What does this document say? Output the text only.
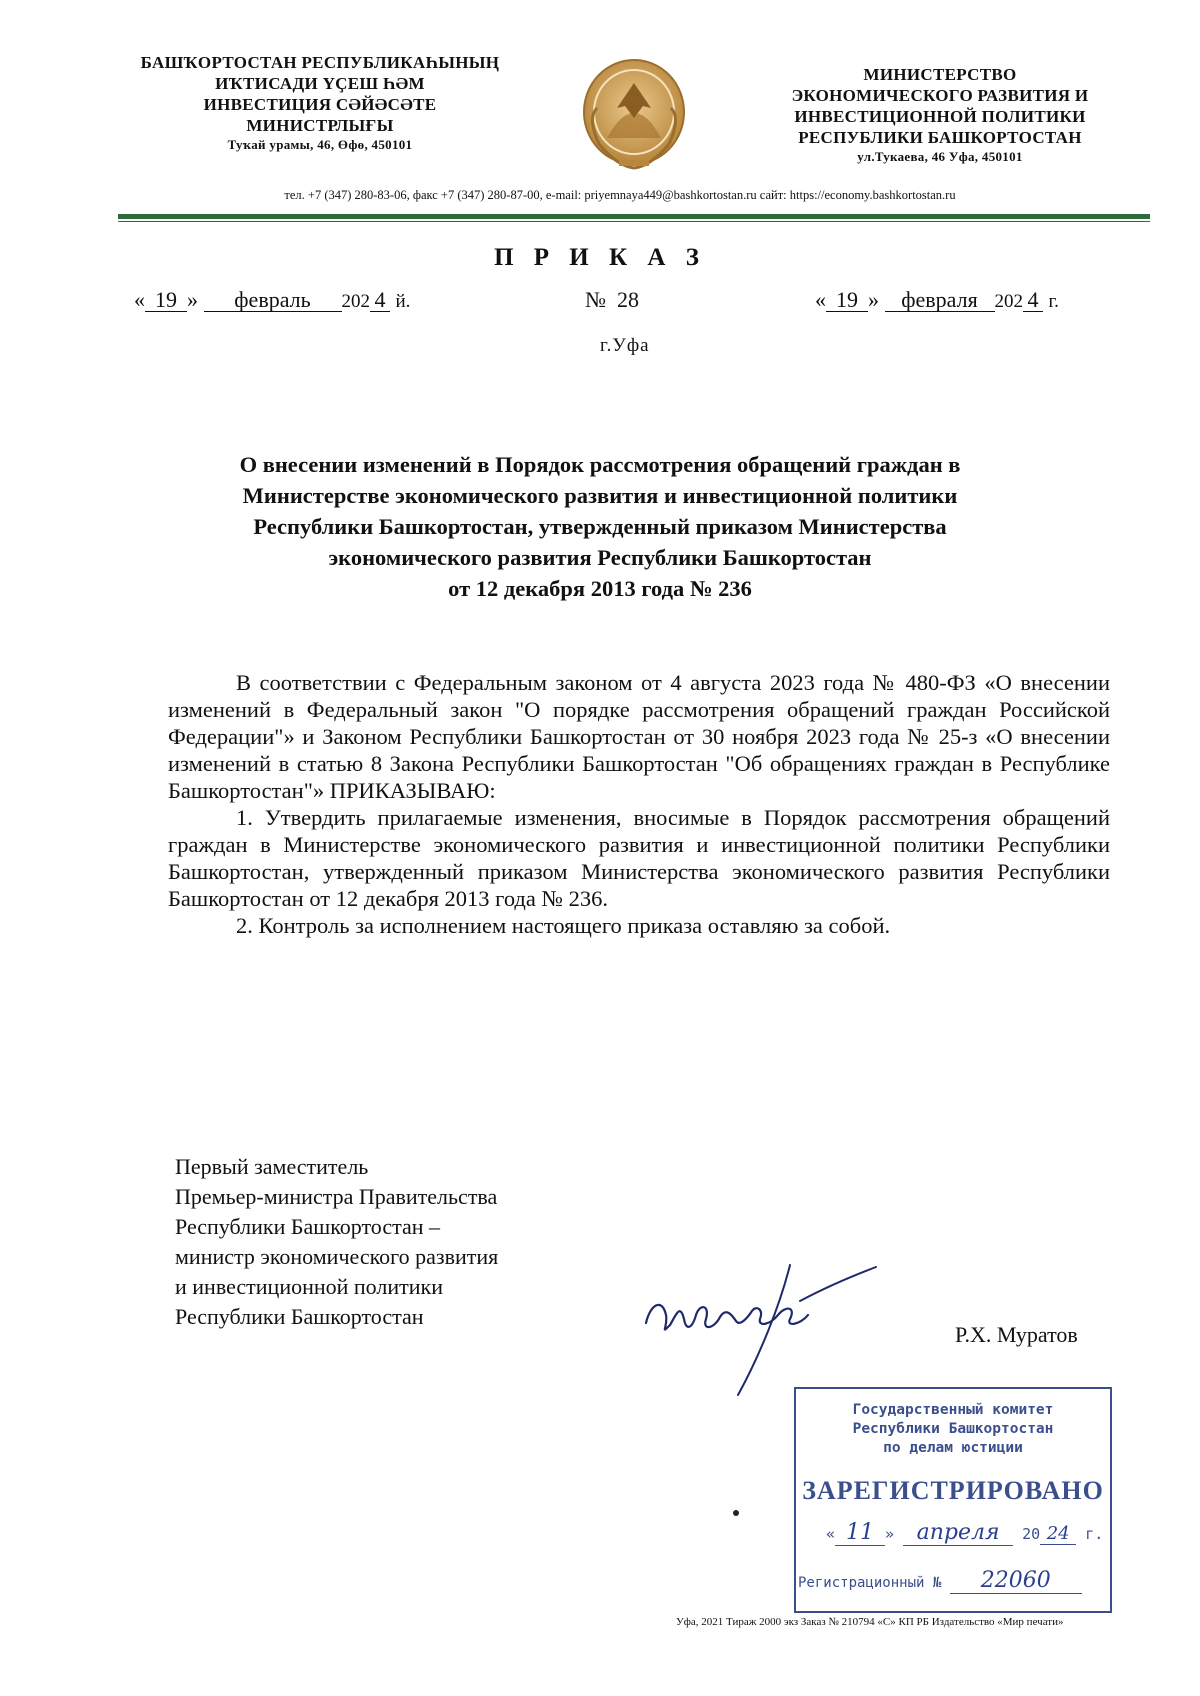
БАШҠОРТОСТАН РЕСПУБЛИКАҺЫНЫҢ
ИҠТИСАДИ ҮҪЕШ ҺӘМ
ИНВЕСТИЦИЯ СӘЙӘСӘТЕ
МИНИСТРЛЫҒЫ
Туҡай урамы, 46, Өфө, 450101
МИНИСТЕРСТВО
ЭКОНОМИЧЕСКОГО РАЗВИТИЯ И
ИНВЕСТИЦИОННОЙ ПОЛИТИКИ
РЕСПУБЛИКИ БАШКОРТОСТАН
ул.Тукаева, 46 Уфа, 450101
тел. +7 (347) 280-83-06, факс +7 (347) 280-87-00, e-mail: priyemnaya449@bashkortostan.ru сайт: https://economy.bashkortostan.ru
П Р И К А З
« 19 » февраль 202 4 й.	№ 28	« 19 » февраля 202 4 г.
г.Уфа
О внесении изменений в Порядок рассмотрения обращений граждан в
Министерстве экономического развития и инвестиционной политики
Республики Башкортостан, утвержденный приказом Министерства
экономического развития Республики Башкортостан
от 12 декабря 2013 года № 236

В соответствии с Федеральным законом от 4 августа 2023 года № 480-ФЗ «О внесении изменений в Федеральный закон "О порядке рассмотрения обращений граждан Российской Федерации"» и Законом Республики Башкортостан от 30 ноября 2023 года № 25-з «О внесении изменений в статью 8 Закона Республики Башкортостан "Об обращениях граждан в Республике Башкортостан"» ПРИКАЗЫВАЮ:

1. Утвердить прилагаемые изменения, вносимые в Порядок рассмотрения обращений граждан в Министерстве экономического развития и инвестиционной политики Республики Башкортостан, утвержденный приказом Министерства экономического развития Республики Башкортостан от 12 декабря 2013 года № 236.

2. Контроль за исполнением настоящего приказа оставляю за собой.

Первый заместитель
Премьер-министра Правительства
Республики Башкортостан –
министр экономического развития
и инвестиционной политики
Республики Башкортостан
Р.Х. Муратов
Государственный комитет
Республики Башкортостан
по делам юстиции
ЗАРЕГИСТРИРОВАНО
« 11 » апреля 20 24 г.
Регистрационный № 22060
Уфа, 2021 Тираж 2000 экз Заказ № 210794 «С» КП РБ Издательство «Мир печати»
